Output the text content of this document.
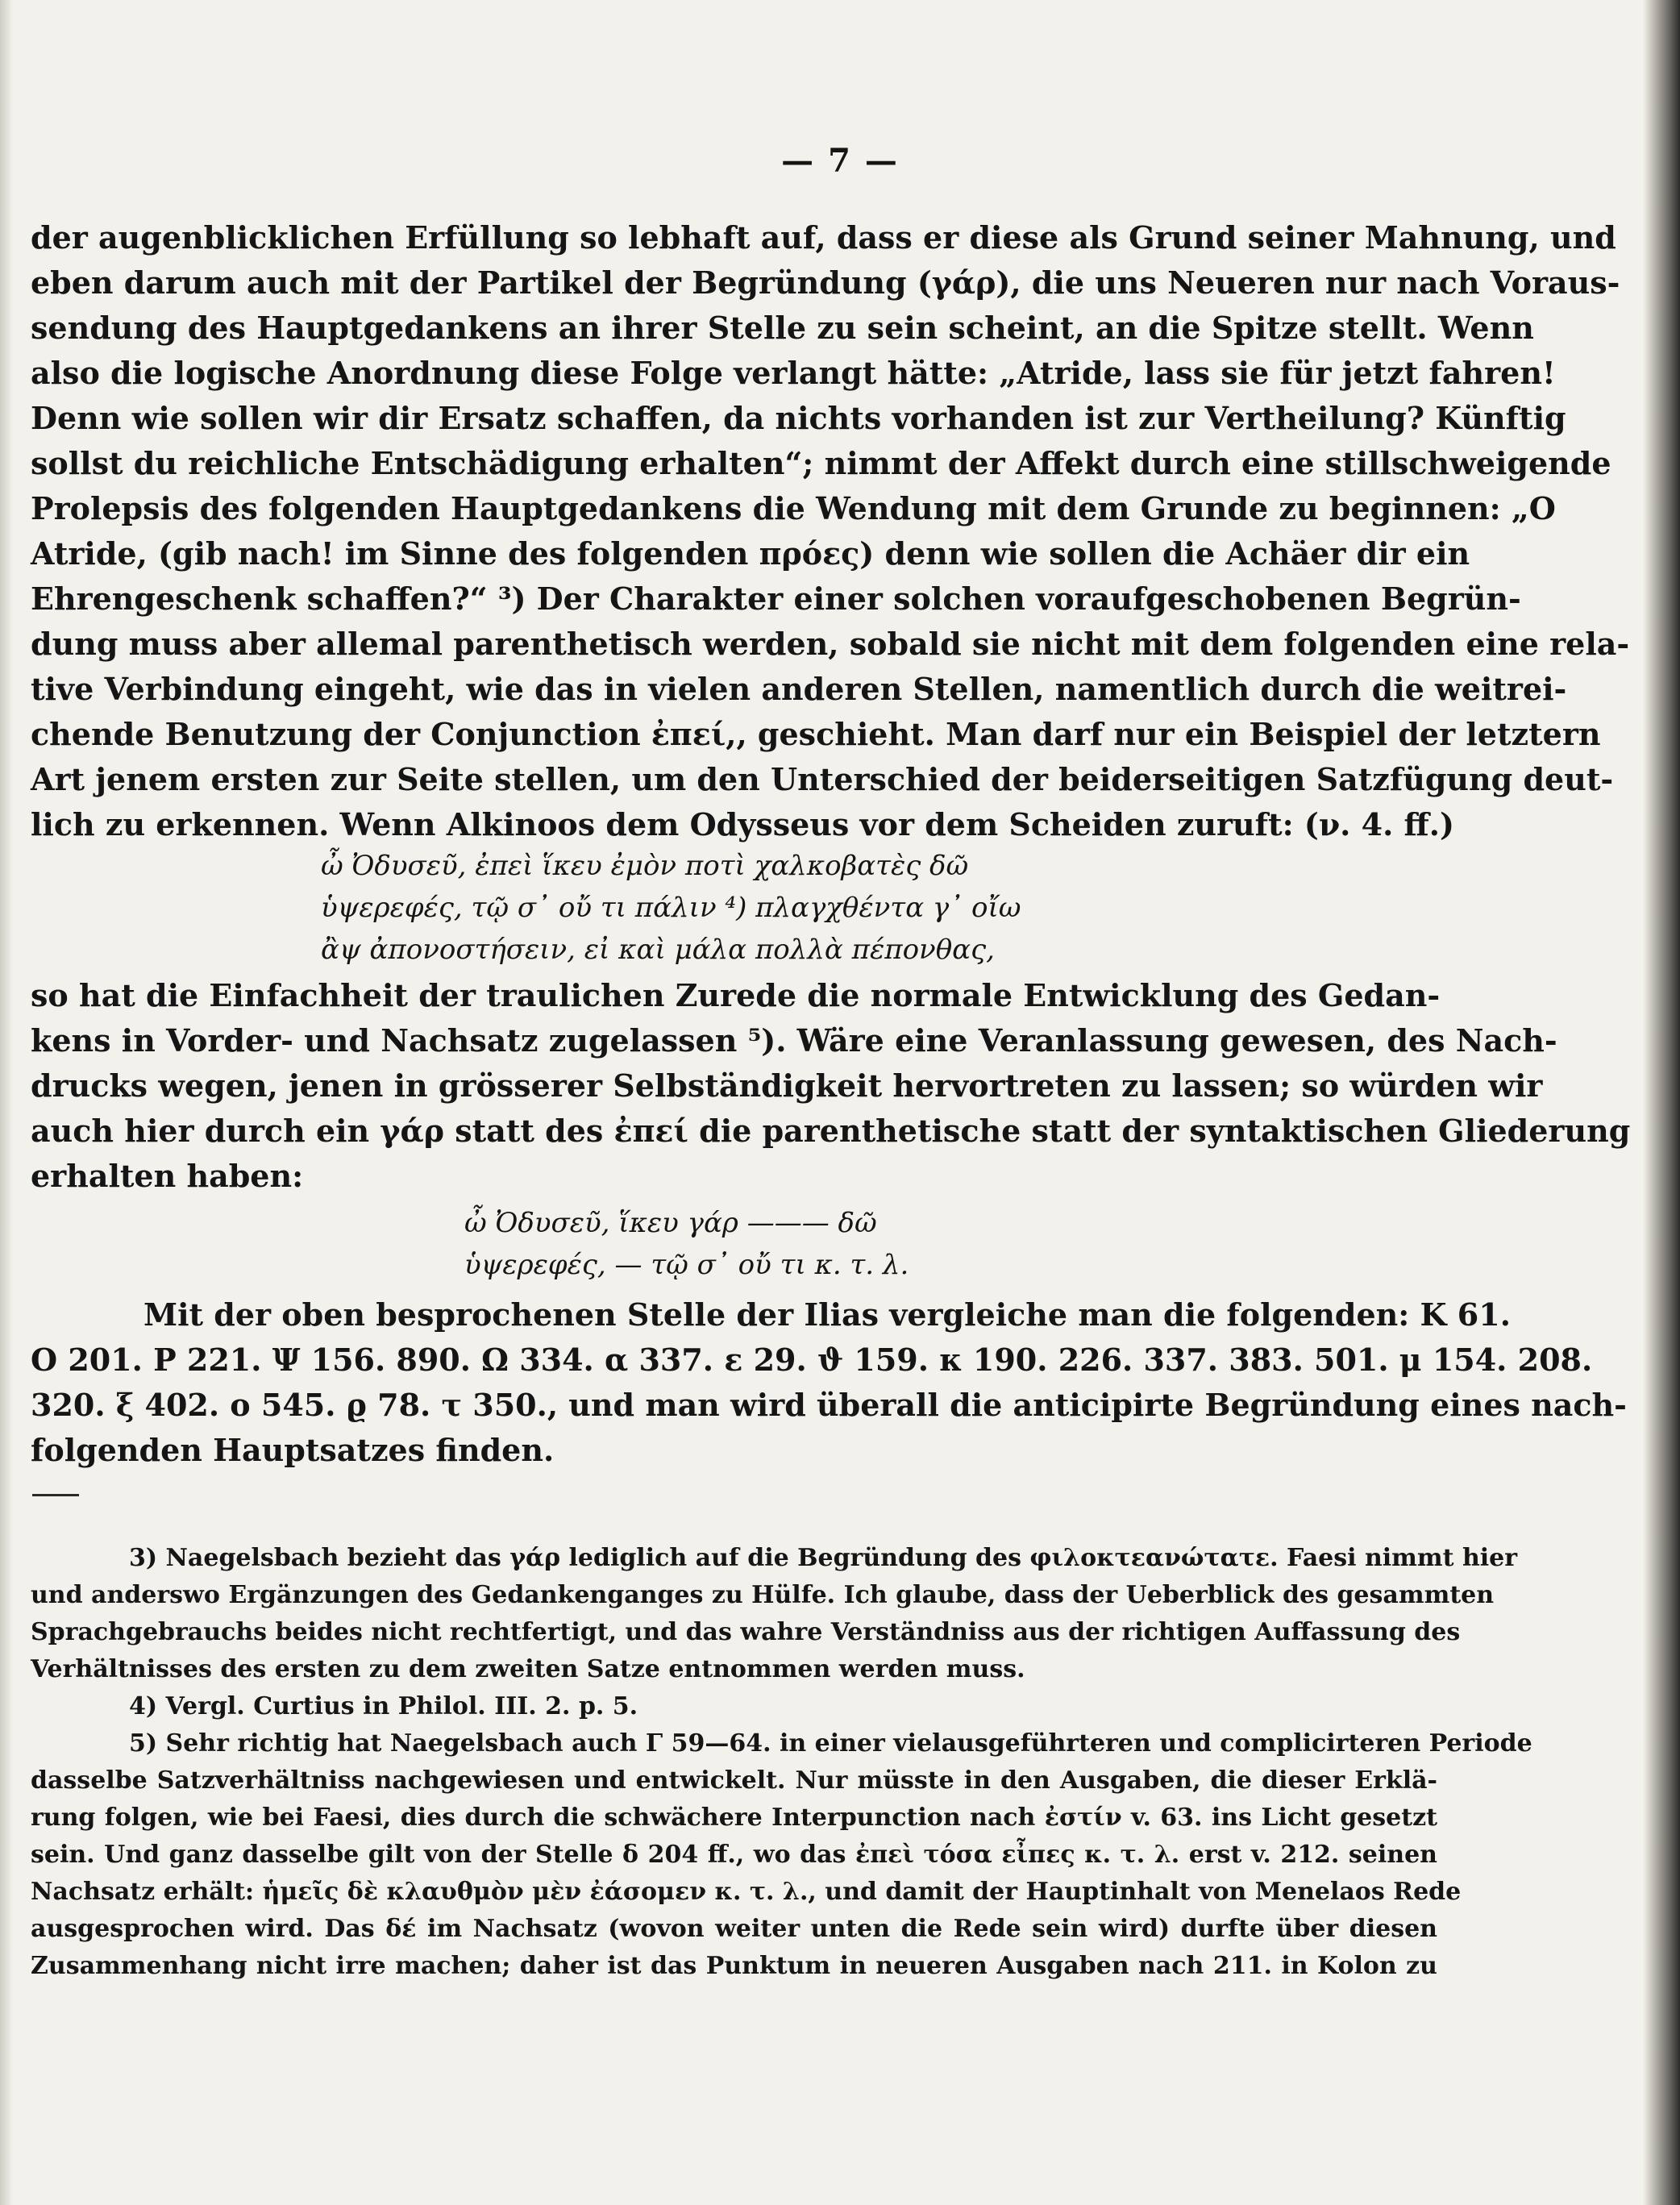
— 7 —
der augenblicklichen Erfüllung so lebhaft auf, dass er diese als Grund seiner Mahnung, und
eben darum auch mit der Partikel der Begründung (γάρ), die uns Neueren nur nach Voraus-
sendung des Hauptgedankens an ihrer Stelle zu sein scheint, an die Spitze stellt. Wenn
also die logische Anordnung diese Folge verlangt hätte: „Atride, lass sie für jetzt fahren!
Denn wie sollen wir dir Ersatz schaffen, da nichts vorhanden ist zur Vertheilung? Künftig
sollst du reichliche Entschädigung erhalten“; nimmt der Affekt durch eine stillschweigende
Prolepsis des folgenden Hauptgedankens die Wendung mit dem Grunde zu beginnen: „O
Atride, (gib nach! im Sinne des folgenden πρόες) denn wie sollen die Achäer dir ein
Ehrengeschenk schaffen?“ ³) Der Charakter einer solchen voraufgeschobenen Begrün-
dung muss aber allemal parenthetisch werden, sobald sie nicht mit dem folgenden eine rela-
tive Verbindung eingeht, wie das in vielen anderen Stellen, namentlich durch die weitrei-
chende Benutzung der Conjunction ἐπεί,, geschieht. Man darf nur ein Beispiel der letztern
Art jenem ersten zur Seite stellen, um den Unterschied der beiderseitigen Satzfügung deut-
lich zu erkennen. Wenn Alkinoos dem Odysseus vor dem Scheiden zuruft: (ν. 4. ff.)
ὦ Ὀδυσεῦ, ἐπεὶ ἵκευ ἐμὸν ποτὶ χαλκοβατὲς δῶ
ὑψερεφές, τῷ σ᾽ οὔ τι πάλιν ⁴) πλαγχθέντα γ᾽ οἴω
ἂψ ἀπονοστήσειν, εἰ καὶ μάλα πολλὰ πέπονθας,
so hat die Einfachheit der traulichen Zurede die normale Entwicklung des Gedan-
kens in Vorder- und Nachsatz zugelassen ⁵). Wäre eine Veranlassung gewesen, des Nach-
drucks wegen, jenen in grösserer Selbständigkeit hervortreten zu lassen; so würden wir
auch hier durch ein γάρ statt des ἐπεί die parenthetische statt der syntaktischen Gliederung
erhalten haben:
ὦ Ὀδυσεῦ, ἵκευ γάρ ——— δῶ
ὑψερεφές, — τῷ σ᾽ οὔ τι κ. τ. λ.
Mit der oben besprochenen Stelle der Ilias vergleiche man die folgenden: K 61.
O 201. P 221. Ψ 156. 890. Ω 334. α 337. ε 29. ϑ 159. κ 190. 226. 337. 383. 501. μ 154. 208.
320. ξ 402. ο 545. ϱ 78. τ 350., und man wird überall die anticipirte Begründung eines nach-
folgenden Hauptsatzes finden.
3) Naegelsbach bezieht das γάρ lediglich auf die Begründung des φιλοκτεανώτατε. Faesi nimmt hier
und anderswo Ergänzungen des Gedankenganges zu Hülfe. Ich glaube, dass der Ueberblick des gesammten
Sprachgebrauchs beides nicht rechtfertigt, und das wahre Verständniss aus der richtigen Auffassung des
Verhältnisses des ersten zu dem zweiten Satze entnommen werden muss.
4) Vergl. Curtius in Philol. III. 2. p. 5.
5) Sehr richtig hat Naegelsbach auch Γ 59—64. in einer vielausgeführteren und complicirteren Periode
dasselbe Satzverhältniss nachgewiesen und entwickelt. Nur müsste in den Ausgaben, die dieser Erklä-
rung folgen, wie bei Faesi, dies durch die schwächere Interpunction nach ἐστίν v. 63. ins Licht gesetzt
sein. Und ganz dasselbe gilt von der Stelle δ 204 ff., wo das ἐπεὶ τόσα εἶπες κ. τ. λ. erst v. 212. seinen
Nachsatz erhält: ἡμεῖς δὲ κλαυθμὸν μὲν ἐάσομεν κ. τ. λ., und damit der Hauptinhalt von Menelaos Rede
ausgesprochen wird. Das δέ im Nachsatz (wovon weiter unten die Rede sein wird) durfte über diesen
Zusammenhang nicht irre machen; daher ist das Punktum in neueren Ausgaben nach 211. in Kolon zu
